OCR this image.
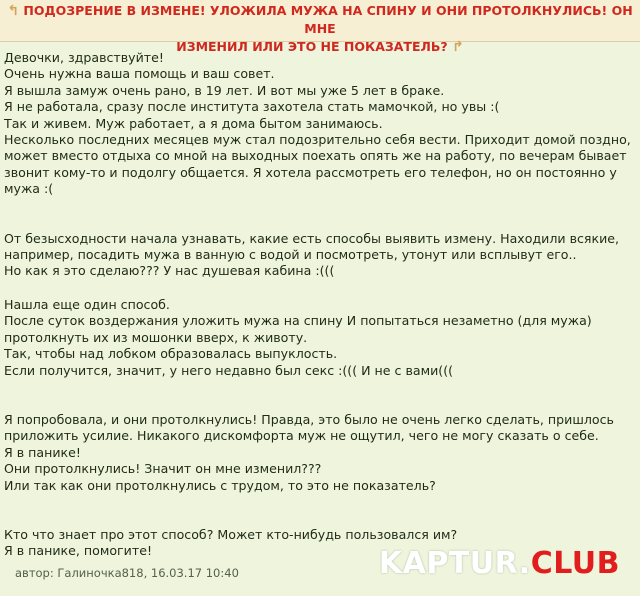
↰ ПОДОЗРЕНИЕ В ИЗМЕНЕ! УЛОЖИЛА МУЖА НА СПИНУ И ОНИ ПРОТОЛКНУЛИСЬ! ОН МНЕ
ИЗМЕНИЛ ИЛИ ЭТО НЕ ПОКАЗАТЕЛЬ? ↱

Девочки, здравствуйте!

Очень нужна ваша помощь и ваш совет.

Я вышла замуж очень рано, в 19 лет. И вот мы уже 5 лет в браке.

Я не работала, сразу после института захотела стать мамочкой, но увы :(

Так и живем. Муж работает, а я дома бытом занимаюсь.

Несколько последних месяцев муж стал подозрительно себя вести. Приходит домой поздно,

может вместо отдыха со мной на выходных поехать опять же на работу, по вечерам бывает

звонит кому-то и подолгу общается. Я хотела рассмотреть его телефон, но он постоянно у

мужа :(

От безысходности начала узнавать, какие есть способы выявить измену. Находили всякие,

например, посадить мужа в ванную с водой и посмотреть, утонут или всплывут его..

Но как я это сделаю??? У нас душевая кабина :(((

Нашла еще один способ.

После суток воздержания уложить мужа на спину И попытаться незаметно (для мужа)

протолкнуть их из мошонки вверх, к животу.

Так, чтобы над лобком образовалась выпуклость.

Если получится, значит, у него недавно был секс :((( И не с вами(((

Я попробовала, и они протолкнулись! Правда, это было не очень легко сделать, пришлось

приложить усилие. Никакого дискомфорта муж не ощутил, чего не могу сказать о себе.

Я в панике!

Они протолкнулись! Значит он мне изменил???

Или так как они протолкнулись с трудом, то это не показатель?

Кто что знает про этот способ? Может кто-нибудь пользовался им?

Я в панике, помогите!

автор: Галиночка818, 16.03.17 10:40	KAPTUR.CLUB
